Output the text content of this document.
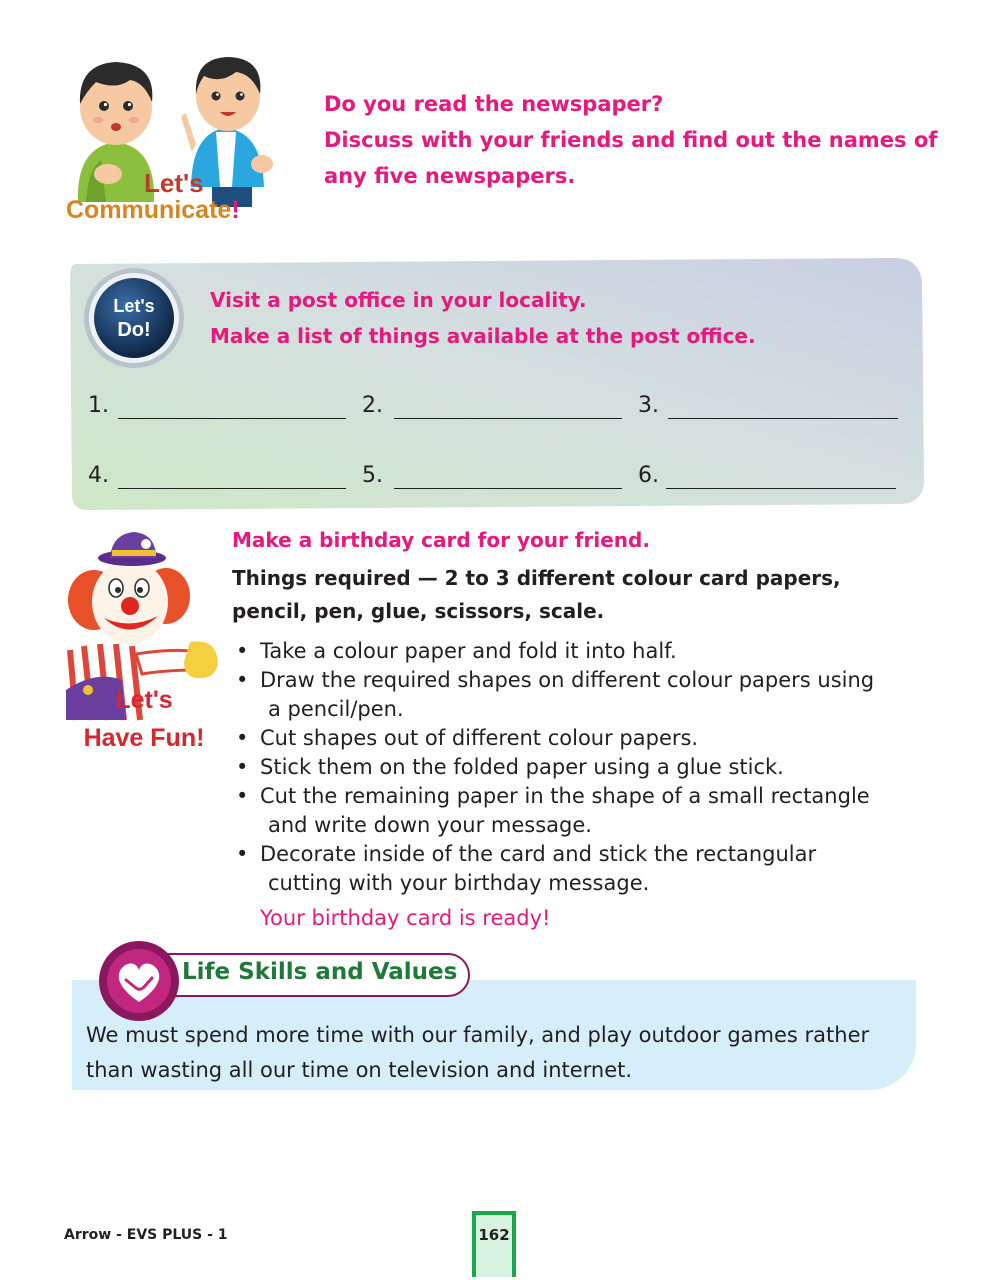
Let's
Communicate!
Do you read the newspaper?
Discuss with your friends and find out the names of
any five newspapers.
Let's
Do!
Visit a post office in your locality.
Make a list of things available at the post office.
1.	2.	3.
4.	5.	6.
Let's
Have Fun!
Make a birthday card for your friend.
Things required — 2 to 3 different colour card papers,
pencil, pen, glue, scissors, scale.
• Take a colour paper and fold it into half.
• Draw the required shapes on different colour papers using
a pencil/pen.
• Cut shapes out of different colour papers.
• Stick them on the folded paper using a glue stick.
• Cut the remaining paper in the shape of a small rectangle
and write down your message.
• Decorate inside of the card and stick the rectangular
cutting with your birthday message.
Your birthday card is ready!
Life Skills and Values
We must spend more time with our family, and play outdoor games rather
than wasting all our time on television and internet.
Arrow - EVS PLUS - 1	162
